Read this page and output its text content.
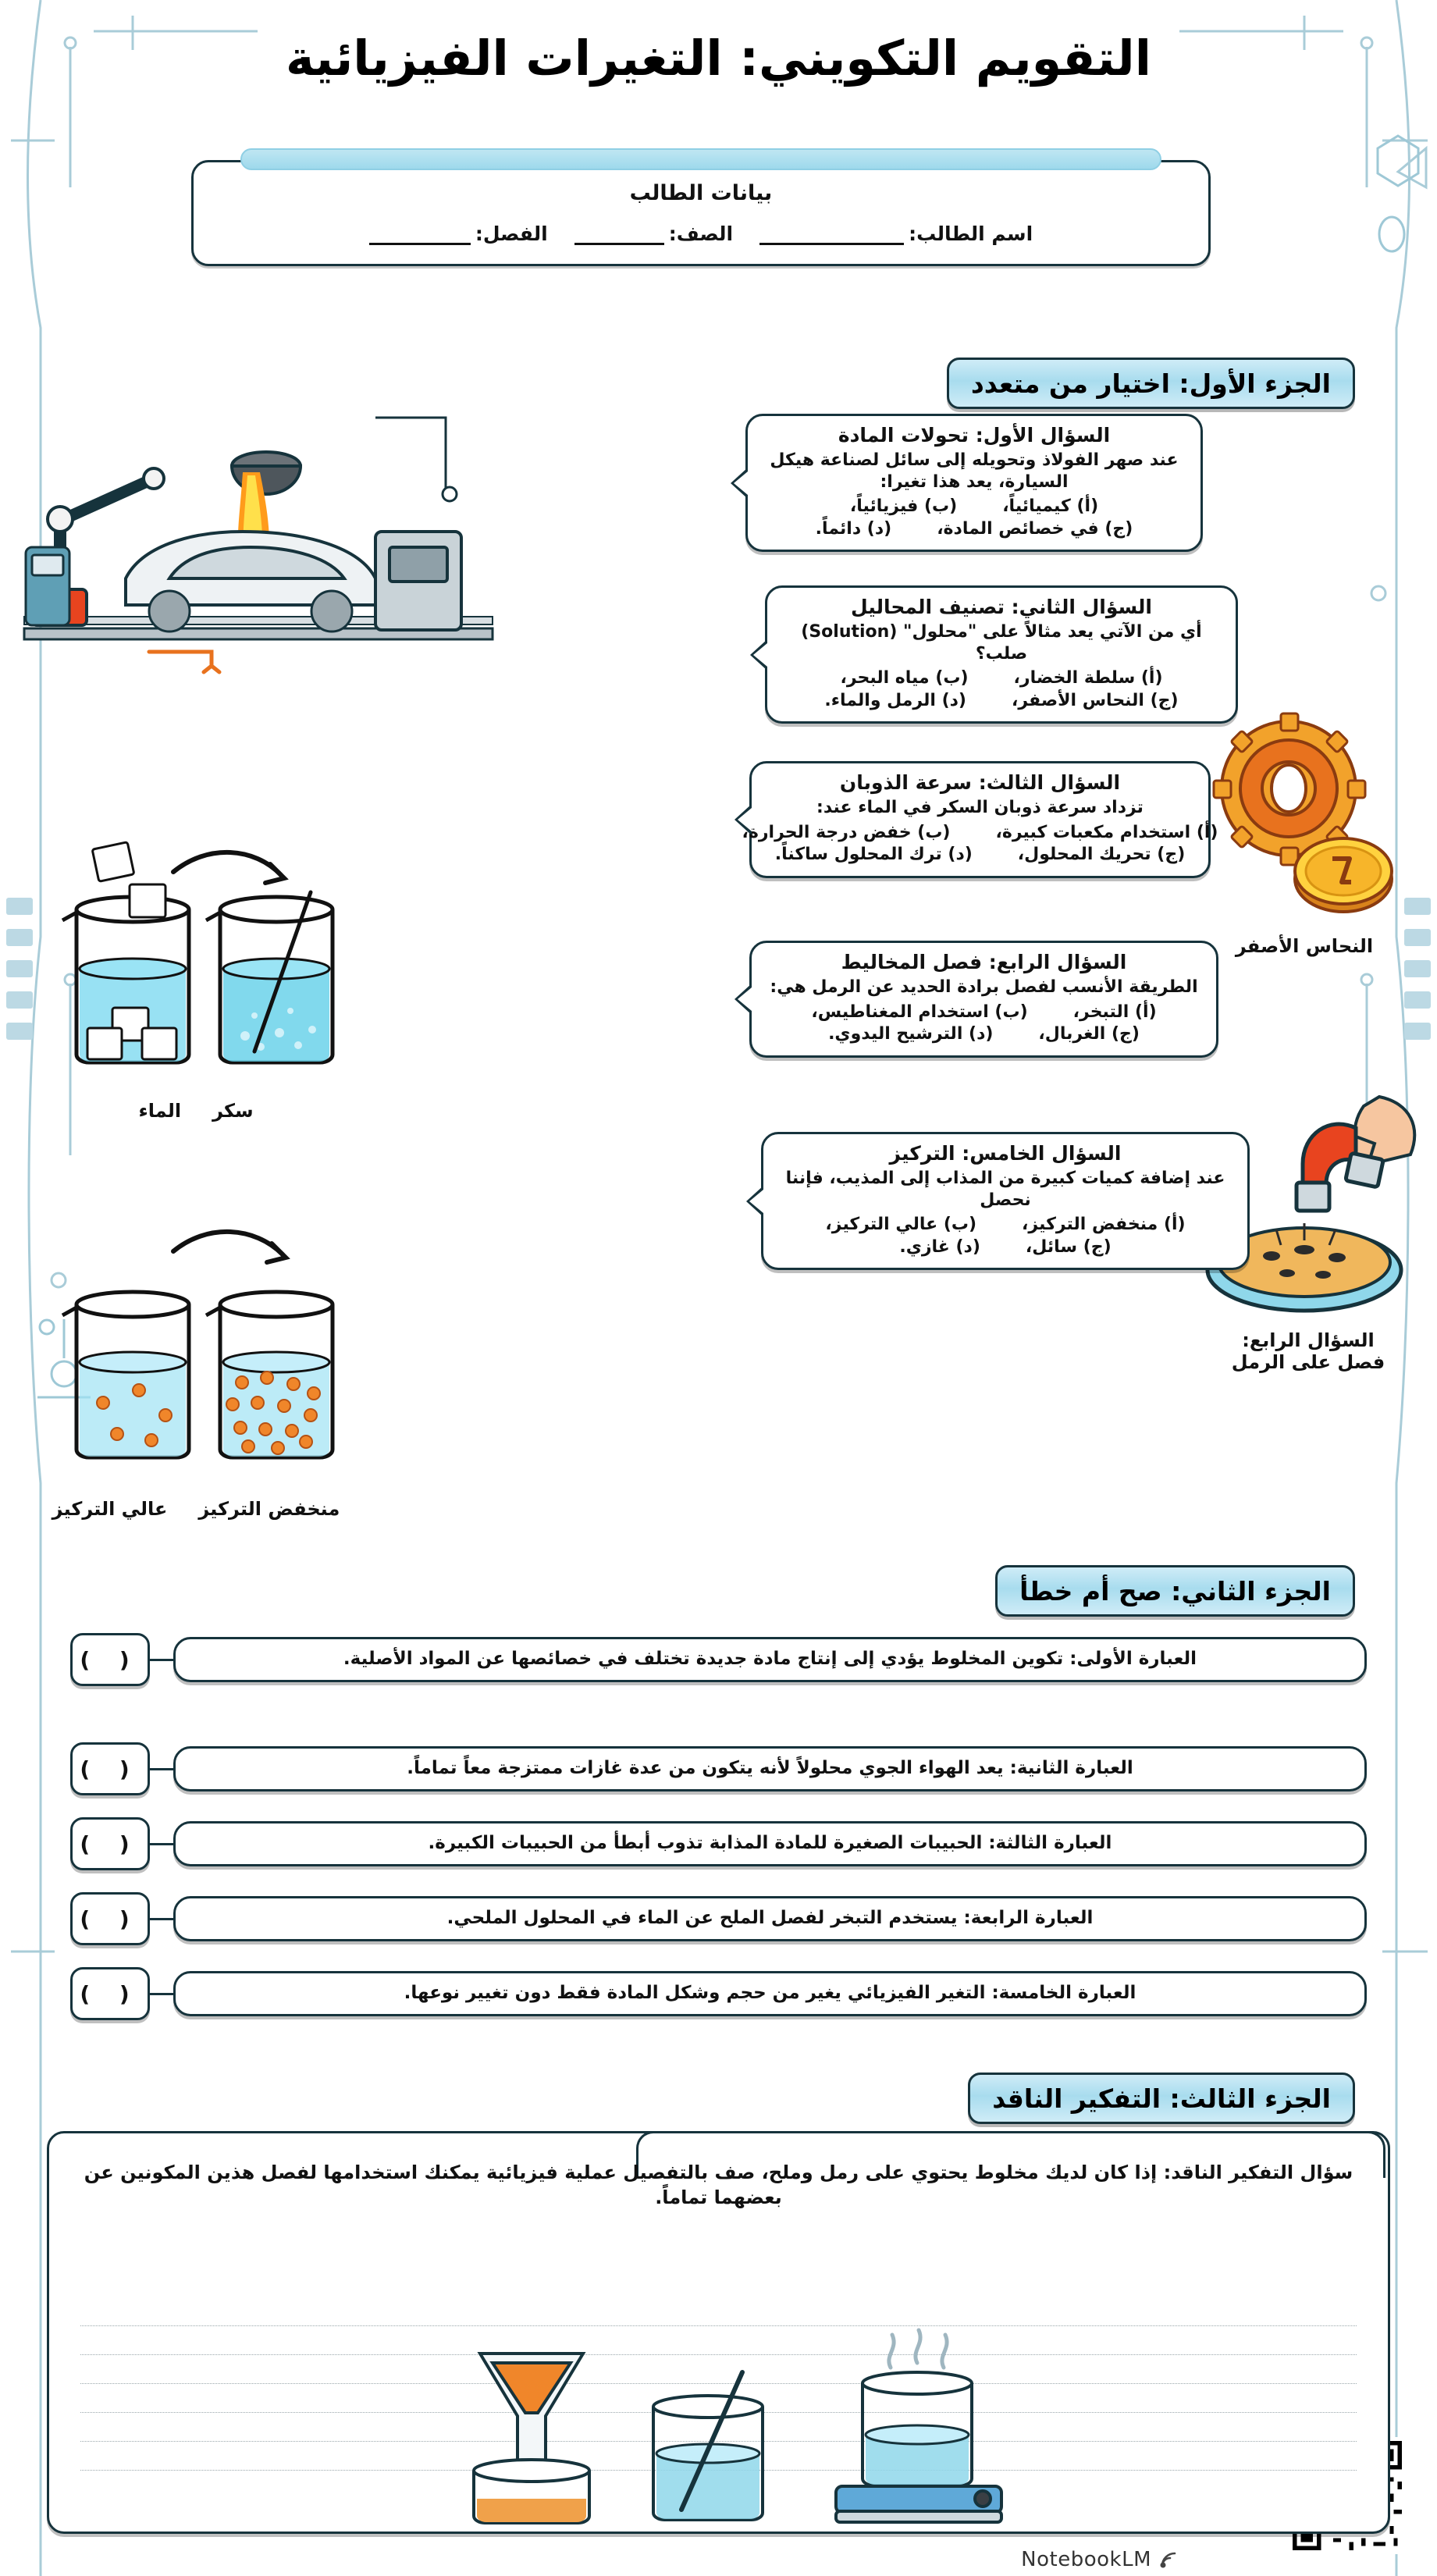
التقويم التكويني: التغيرات الفيزيائية
بيانات الطالب
اسم الطالب:
الصف:
الفصل:
الجزء الأول: اختيار من متعدد
السؤال الأول: تحولات المادة
عند صهر الفولاذ وتحويله إلى سائل لصناعة هيكل السيارة، يعد هذا تغيرا:
(أ) كيميائياً،
(ب) فيزيائياً،
(ج) في خصائص المادة،
(د) دائماً.
السؤال الثاني: تصنيف المحاليل
أي من الآتي يعد مثالاً على "محلول" (Solution) صلب؟
(أ) سلطة الخضار،
(ب) مياه البحر،
(ج) النحاس الأصفر،
(د) الرمل والماء.
النحاس الأصفر
السؤال الثالث: سرعة الذوبان
تزداد سرعة ذوبان السكر في الماء عند:
(أ) استخدام مكعبات كبيرة،
(ب) خفض درجة الحرارة،
(ج) تحريك المحلول،
(د) ترك المحلول ساكناً.
سكر
الماء
السؤال الرابع: فصل المخاليط
الطريقة الأنسب لفصل برادة الحديد عن الرمل هي:
(أ) التبخر،
(ب) استخدام المغناطيس،
(ج) الغربال،
(د) الترشيح اليدوي.
السؤال الرابع:
فصل على الرمل
السؤال الخامس: التركيز
عند إضافة كميات كبيرة من المذاب إلى المذيب، فإننا نحصل
(أ) منخفض التركيز،
(ب) عالي التركيز،
(ج) سائل،
(د) غازي.
منخفض التركيز
عالي التركيز
الجزء الثاني: صح أم خطأ
العبارة الأولى: تكوين المخلوط يؤدي إلى إنتاج مادة جديدة تختلف في خصائصها عن المواد الأصلية.
( )
العبارة الثانية: يعد الهواء الجوي محلولاً لأنه يتكون من عدة غازات ممتزجة معاً تماماً.
( )
العبارة الثالثة: الحبيبات الصغيرة للمادة المذابة تذوب أبطأ من الحبيبات الكبيرة.
( )
العبارة الرابعة: يستخدم التبخر لفصل الملح عن الماء في المحلول الملحي.
( )
العبارة الخامسة: التغير الفيزيائي يغير من حجم وشكل المادة فقط دون تغيير نوعها.
( )
الجزء الثالث: التفكير الناقد
سؤال التفكير الناقد: إذا كان لديك مخلوط يحتوي على رمل وملح، صف بالتفصيل عملية فيزيائية يمكنك استخدامها لفصل هذين المكونين عن بعضهما تماماً.
NotebookLM
